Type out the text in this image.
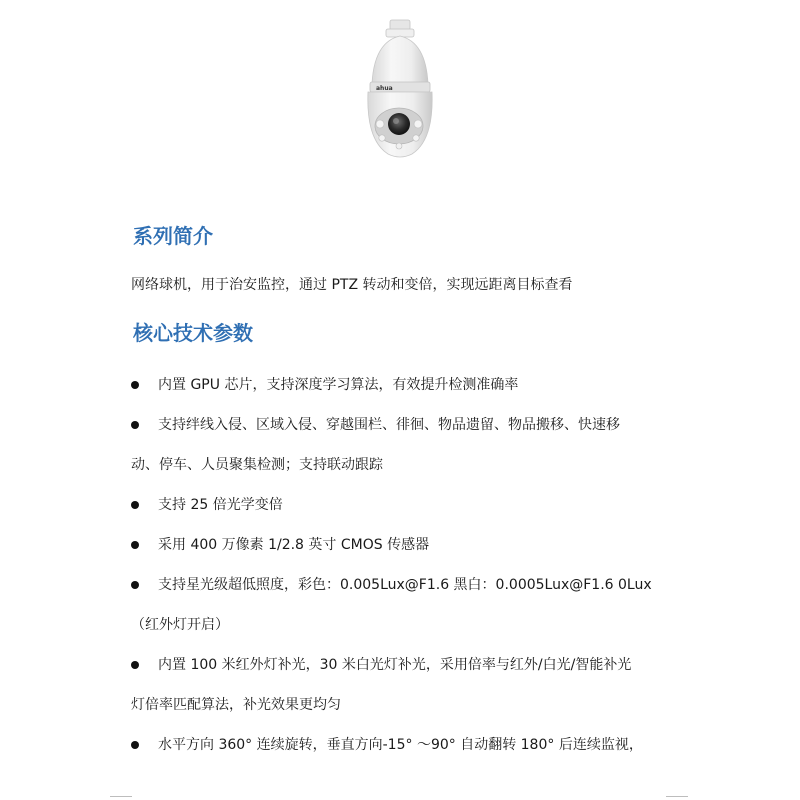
ahua
系列简介

网络球机，用于治安监控，通过 PTZ 转动和变倍，实现远距离目标查看

核心技术参数
内置 GPU 芯片，支持深度学习算法，有效提升检测准确率
支持绊线入侵、区域入侵、穿越围栏、徘徊、物品遗留、物品搬移、快速移
动、停车、人员聚集检测；支持联动跟踪
支持 25 倍光学变倍
采用 400 万像素 1/2.8 英寸 CMOS 传感器
支持星光级超低照度，彩色：0.005Lux@F1.6 黑白：0.0005Lux@F1.6 0Lux
（红外灯开启）
内置 100 米红外灯补光，30 米白光灯补光，采用倍率与红外/白光/智能补光
灯倍率匹配算法，补光效果更均匀
水平方向 360° 连续旋转，垂直方向-15° ～90° 自动翻转 180° 后连续监视，
